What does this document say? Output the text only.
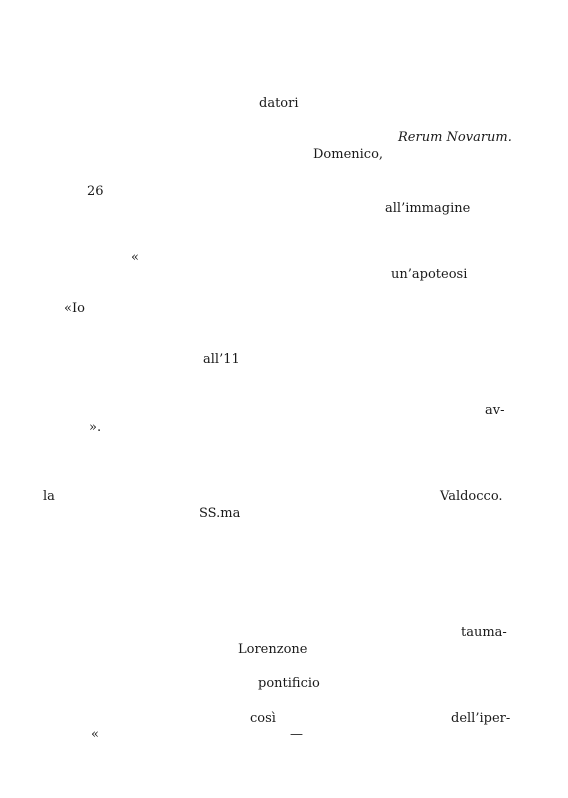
datori
Rerum Novarum.
Domenico,
26
all’immagine
«
un’apoteosi
«Io
all’11
av-
».
la	Valdocco.
SS.ma
tauma-
Lorenzone
pontificio
così	dell’iper-
«	—
